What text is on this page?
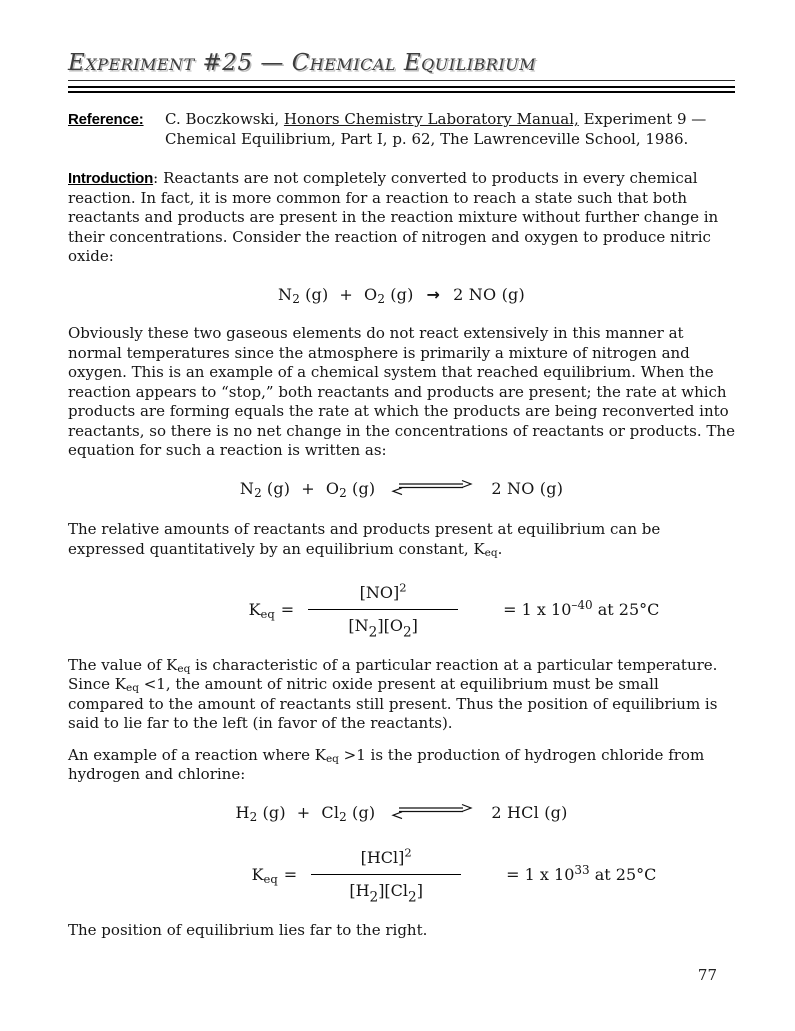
Experiment #25 — Chemical Equilibrium
Reference:	C. Boczkowski, Honors Chemistry Laboratory Manual, Experiment 9 — Chemical Equilibrium, Part I, p. 62, The Lawrenceville School, 1986.

Introduction: Reactants are not completely converted to products in every chemical reaction. In fact, it is more common for a reaction to reach a state such that both reactants and products are present in the reaction mixture without further change in their concentrations. Consider the reaction of nitrogen and oxygen to produce nitric oxide:

$N_2$ $(g) + O_2$ (g) → 2 NO (g)

Obviously these two gaseous elements do not react extensively in this manner at normal temperatures since the atmosphere is primarily a mixture of nitrogen and oxygen. This is an example of a chemical system that reached equilibrium. When the reaction appears to “stop,” both reactants and products are present; the rate at which products are forming equals the rate at which the products are being reconverted into reactants, so there is no net change in the concentrations of reactants or products. The equation for such a reaction is written as:

$N_2$ $(g) + O_2$ (g)	2 NO (g)

The relative amounts of reactants and products present at equilibrium can be expressed quantitatively by an equilibrium constant, $K_{eq}$.

$K_{eq} = \frac{[NO]^2}{[N_2][O_2]}$	= 1 x $10^{-40}$ at 25°C

The value of $K_{eq}$ is characteristic of a particular reaction at a particular temperature. Since $K_{eq} <1$, the amount of nitric oxide present at equilibrium must be small compared to the amount of reactants still present. Thus the position of equilibrium is said to lie far to the left (in favor of the reactants).

An example of a reaction where $K_{eq} >1$ is the production of hydrogen chloride from hydrogen and chlorine:

$H_2$ $(g) + Cl_2$ (g)	2 HCl (g)
$K_{eq} = \frac{[HCl]^2}{[H_2][Cl_2]}$	= 1 x $10^{33}$ at 25°C

The position of equilibrium lies far to the right.

77
